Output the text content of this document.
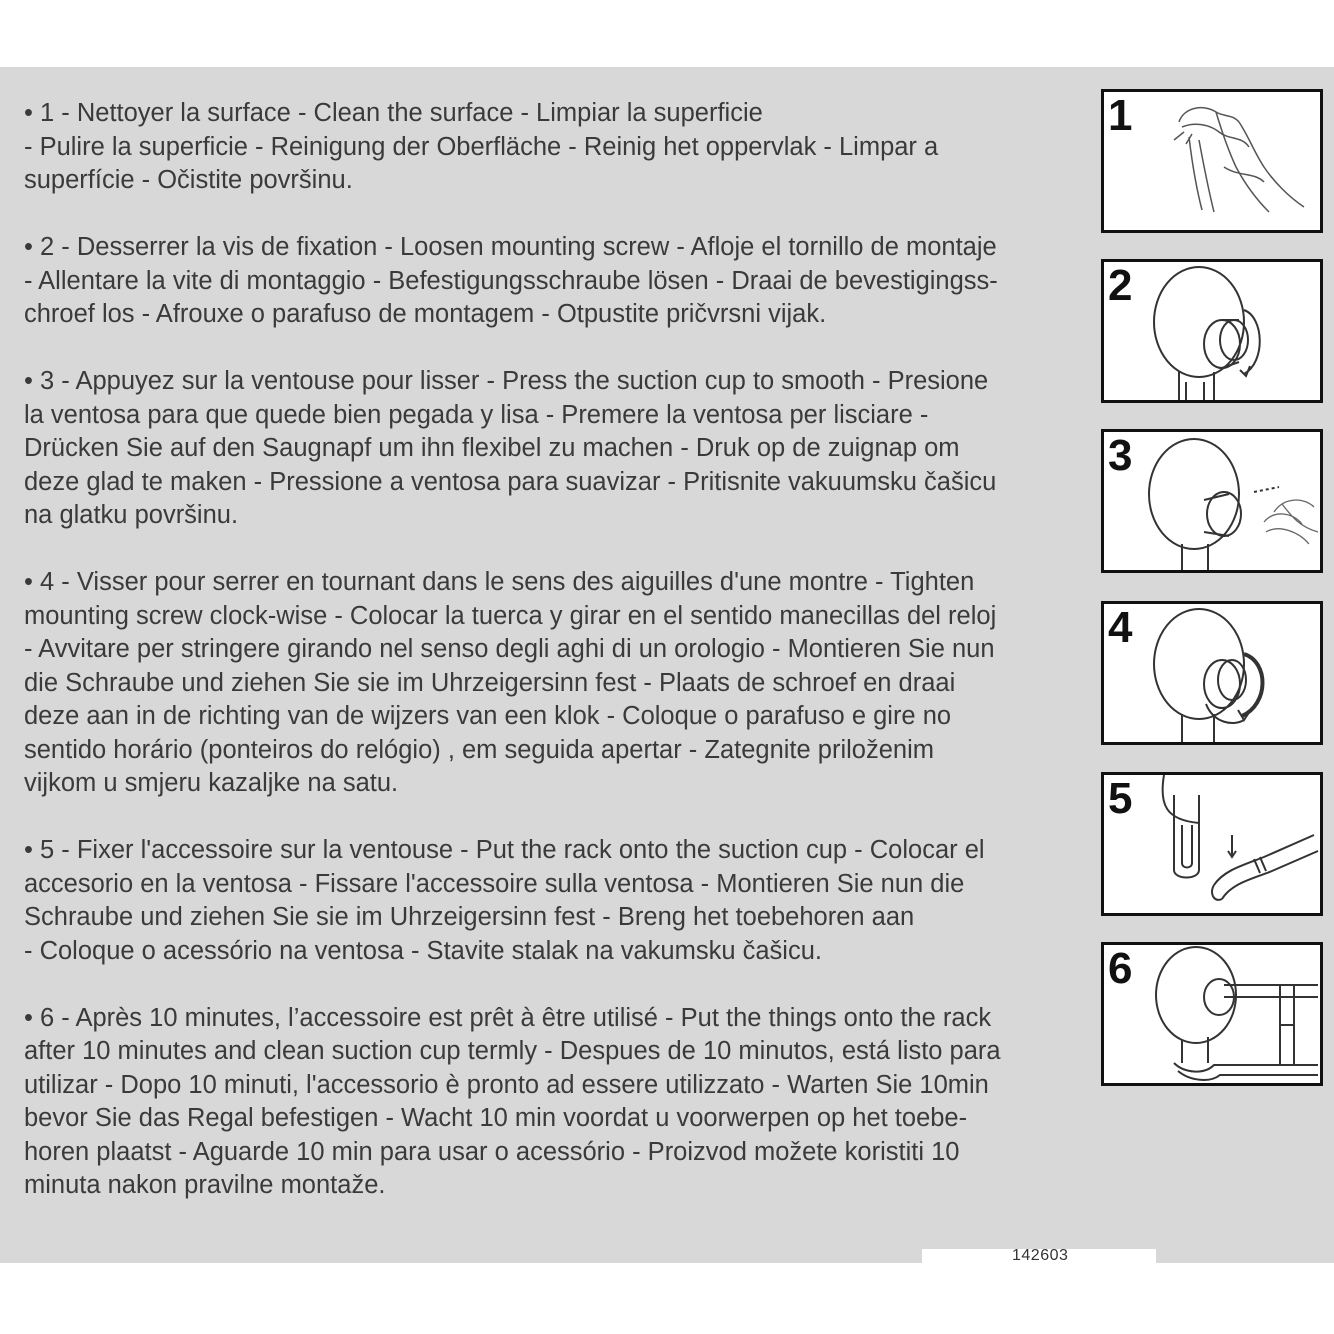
• 1 - Nettoyer la surface - Clean the surface - Limpiar la superficie
- Pulire la superficie - Reinigung der Oberfläche - Reinig het oppervlak - Limpar a
superfície - Očistite površinu.
• 2 - Desserrer la vis de fixation - Loosen mounting screw - Afloje el tornillo de montaje
- Allentare la vite di montaggio - Befestigungsschraube lösen - Draai de bevestigingss-
chroef los - Afrouxe o parafuso de montagem - Otpustite pričvrsni vijak.
• 3 - Appuyez sur la ventouse pour lisser - Press the suction cup to smooth - Presione
la ventosa para que quede bien pegada y lisa - Premere la ventosa per lisciare -
Drücken Sie auf den Saugnapf um ihn flexibel zu machen - Druk op de zuignap om
deze glad te maken - Pressione a ventosa para suavizar - Pritisnite vakuumsku čašicu
na glatku površinu.
• 4 - Visser pour serrer en tournant dans le sens des aiguilles d'une montre - Tighten
mounting screw clock-wise - Colocar la tuerca y girar en el sentido manecillas del reloj
- Avvitare per stringere girando nel senso degli aghi di un orologio - Montieren Sie nun
die Schraube und ziehen Sie sie im Uhrzeigersinn fest - Plaats de schroef en draai
deze aan in de richting van de wijzers van een klok - Coloque o parafuso e gire no
sentido horário (ponteiros do relógio) , em seguida apertar - Zategnite priloženim
vijkom u smjeru kazaljke na satu.
• 5 - Fixer l'accessoire sur la ventouse - Put the rack onto the suction cup - Colocar el
accesorio en la ventosa - Fissare l'accessoire sulla ventosa - Montieren Sie nun die
Schraube und ziehen Sie sie im Uhrzeigersinn fest - Breng het toebehoren aan
- Coloque o acessório na ventosa - Stavite stalak na vakumsku čašicu.
• 6 - Après 10 minutes, l’accessoire est prêt à être utilisé - Put the things onto the rack
after 10 minutes and clean suction cup termly - Despues de 10 minutos, está listo para
utilizar - Dopo 10 minuti, l'accessorio è pronto ad essere utilizzato - Warten Sie 10min
bevor Sie das Regal befestigen - Wacht 10 min voordat u voorwerpen op het toebe-
horen plaatst - Aguarde 10 min para usar o acessório - Proizvod možete koristiti 10
minuta nakon pravilne montaže.
1
2
3
4
5
6
142603
